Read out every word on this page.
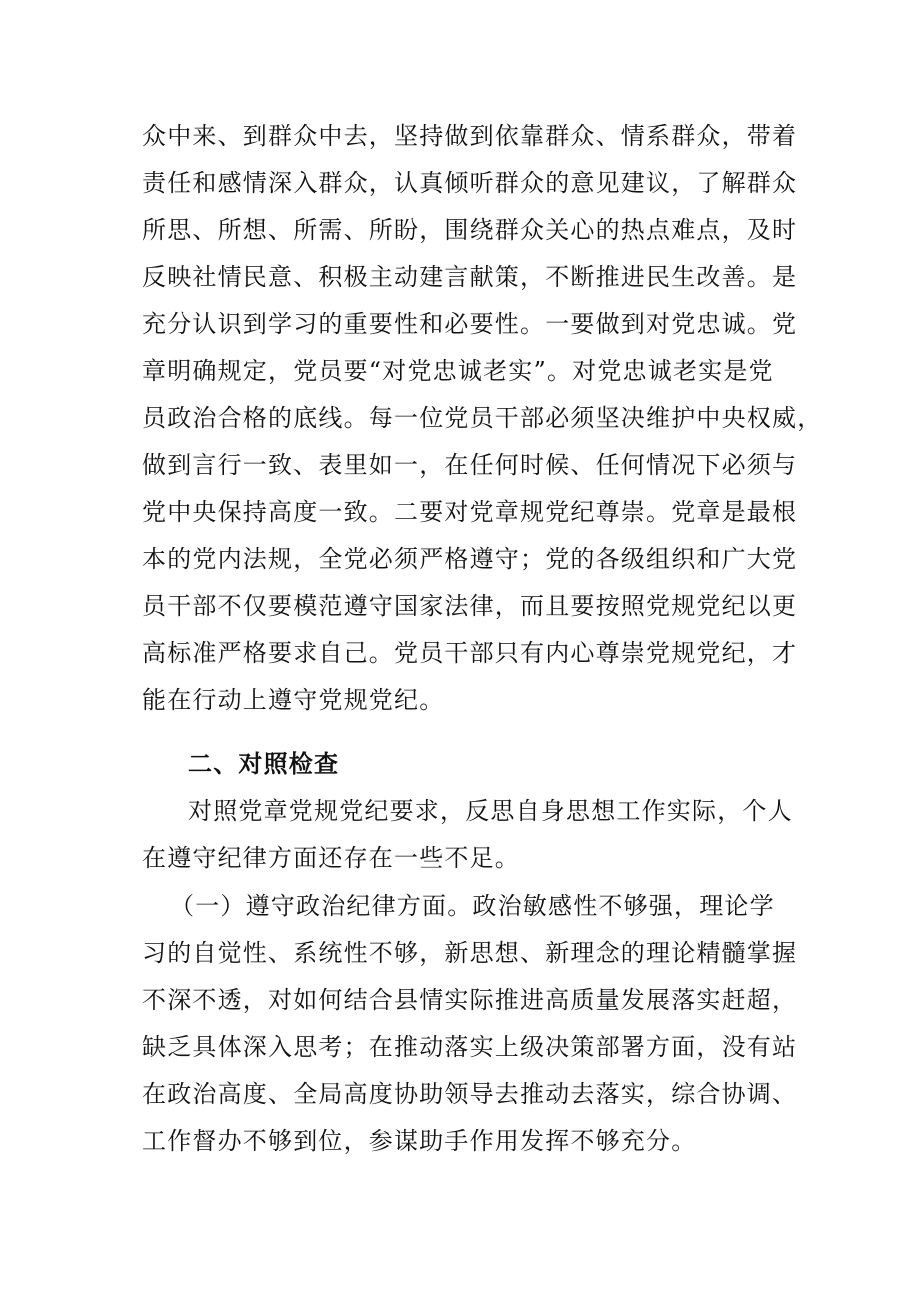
众中来、到群众中去，坚持做到依靠群众、情系群众，带着
责任和感情深入群众，认真倾听群众的意见建议，了解群众
所思、所想、所需、所盼，围绕群众关心的热点难点，及时
反映社情民意、积极主动建言献策，不断推进民生改善。是
充分认识到学习的重要性和必要性。一要做到对党忠诚。党
章明确规定，党员要“对党忠诚老实”。对党忠诚老实是党
员政治合格的底线。每一位党员干部必须坚决维护中央权威，
做到言行一致、表里如一，在任何时候、任何情况下必须与
党中央保持高度一致。二要对党章规党纪尊崇。党章是最根
本的党内法规，全党必须严格遵守；党的各级组织和广大党
员干部不仅要模范遵守国家法律，而且要按照党规党纪以更
高标准严格要求自己。党员干部只有内心尊崇党规党纪，才
能在行动上遵守党规党纪。
二、对照检查
对照党章党规党纪要求，反思自身思想工作实际，个人
在遵守纪律方面还存在一些不足。
（一）遵守政治纪律方面。政治敏感性不够强，理论学
习的自觉性、系统性不够，新思想、新理念的理论精髓掌握
不深不透，对如何结合县情实际推进高质量发展落实赶超，
缺乏具体深入思考；在推动落实上级决策部署方面，没有站
在政治高度、全局高度协助领导去推动去落实，综合协调、
工作督办不够到位，参谋助手作用发挥不够充分。
